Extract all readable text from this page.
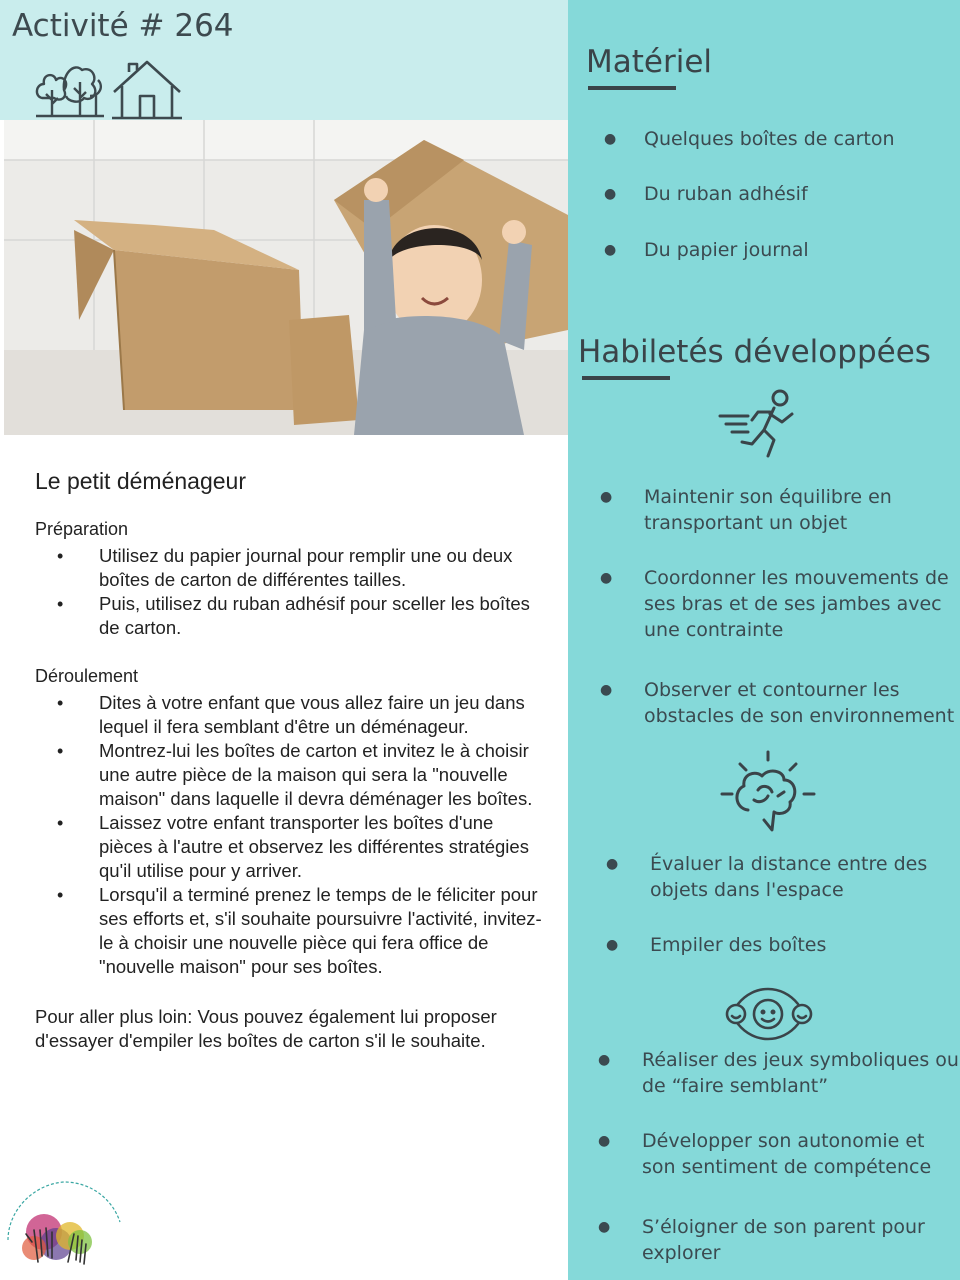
Activité # 264
Matériel
● Quelques boîtes de carton
● Du ruban adhésif
● Du papier journal
Habiletés développées
● Maintenir son équilibre en transportant un objet
● Coordonner les mouvements de ses bras et de ses jambes avec une contrainte
● Observer et contourner les obstacles de son environnement
● Évaluer la distance entre des objets dans l'espace
● Empiler des boîtes
● Réaliser des jeux symboliques ou de “faire semblant”
● Développer son autonomie et son sentiment de compétence
● S’éloigner de son parent pour explorer
Le petit déménageur
Préparation
• Utilisez du papier journal pour remplir une ou deux boîtes de carton de différentes tailles.
• Puis, utilisez du ruban adhésif pour sceller les boîtes de carton.
Déroulement
• Dites à votre enfant que vous allez faire un jeu dans lequel il fera semblant d'être un déménageur.
• Montrez-lui les boîtes de carton et invitez le à choisir une autre pièce de la maison qui sera la "nouvelle maison" dans laquelle il devra déménager les boîtes.
• Laissez votre enfant transporter les boîtes d'une pièces à l'autre et observez les différentes stratégies qu'il utilise pour y arriver.
• Lorsqu'il a terminé prenez le temps de le féliciter pour ses efforts et, s'il souhaite poursuivre l'activité, invitez-le à choisir une nouvelle pièce qui fera office de "nouvelle maison" pour ses boîtes.

Pour aller plus loin: Vous pouvez également lui proposer d'essayer d'empiler les boîtes de carton s'il le souhaite.
